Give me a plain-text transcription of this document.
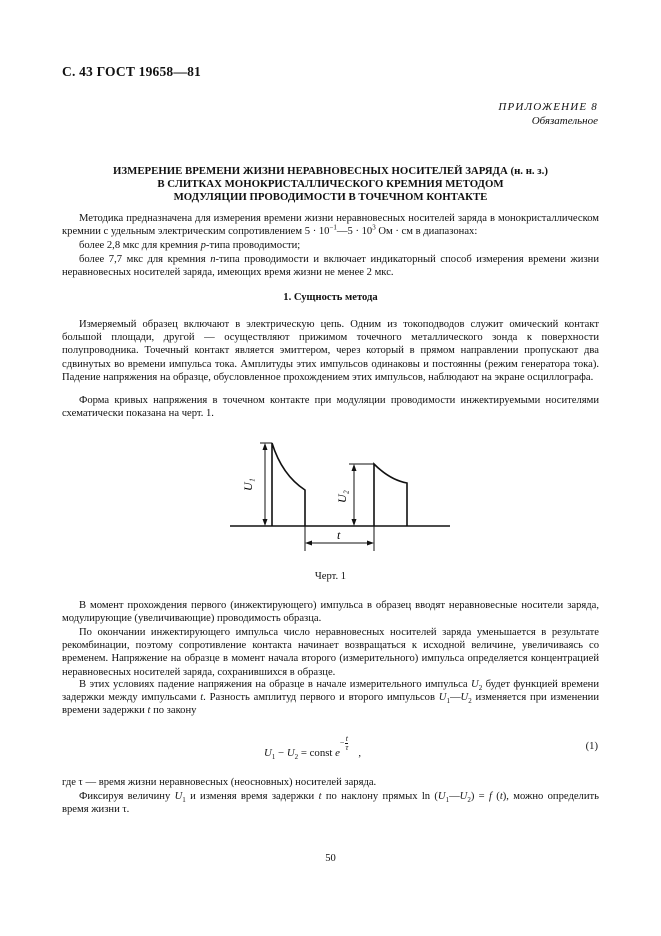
С. 43 ГОСТ 19658—81
ПРИЛОЖЕНИЕ 8
Обязательное
ИЗМЕРЕНИЕ ВРЕМЕНИ ЖИЗНИ НЕРАВНОВЕСНЫХ НОСИТЕЛЕЙ ЗАРЯДА (н. н. з.)
В СЛИТКАХ МОНОКРИСТАЛЛИЧЕСКОГО КРЕМНИЯ МЕТОДОМ
МОДУЛЯЦИИ ПРОВОДИМОСТИ В ТОЧЕЧНОМ КОНТАКТЕ
Методика предназначена для измерения времени жизни неравновесных носителей заряда в монокристаллическом кремнии с удельным электрическим сопротивлением $5 \cdot 10^{-1}—5 \cdot 10^3$ Ом · см в диапазонах:
более 2,8 мкс для кремния p-типа проводимости;
более 7,7 мкс для кремния n-типа проводимости и включает индикаторный способ измерения времени жизни неравновесных носителей заряда, имеющих время жизни не менее 2 мкс.
1. Сущность метода
Измеряемый образец включают в электрическую цепь. Одним из токоподводов служит омический контакт большой площади, другой — осуществляют прижимом точечного металлического зонда к поверхности полупроводника. Точечный контакт является эмиттером, через который в прямом направлении пропускают два сдвинутых во времени импульса тока. Амплитуды этих импульсов одинаковы и постоянны (режим генератора тока). Падение напряжения на образце, обусловленное прохождением этих импульсов, наблюдают на экране осциллографа.
Форма кривых напряжения в точечном контакте при модуляции проводимости инжектируемыми носителями схематически показана на черт. 1.
U₁
U₂
t
Черт. 1
В момент прохождения первого (инжектирующего) импульса в образец вводят неравновесные носители заряда, модулирующие (увеличивающие) проводимость образца.
По окончании инжектирующего импульса число неравновесных носителей заряда уменьшается в результате рекомбинации, поэтому сопротивление контакта начинает возвращаться к исходной величине, увеличиваясь со временем. Напряжение на образце в момент начала второго (измерительного) импульса определяется концентрацией неравновесных носителей заряда, сохранившихся в образце.
В этих условиях падение напряжения на образце в начале измерительного импульса $U_2$ будет функцией времени задержки между импульсами t. Разность амплитуд первого и второго импульсов $U_1—U_2$ изменяется при изменении времени задержки t по закону
$U_1 - U_2$ = const $e^{- \frac{t}{\tau}}$
,
(1)
где τ — время жизни неравновесных (неосновных) носителей заряда.
Фиксируя величину $U_1$ и изменяя время задержки t по наклону прямых $\ln (U_1—U_2) = f$ (t), можно определить время жизни τ.
50
